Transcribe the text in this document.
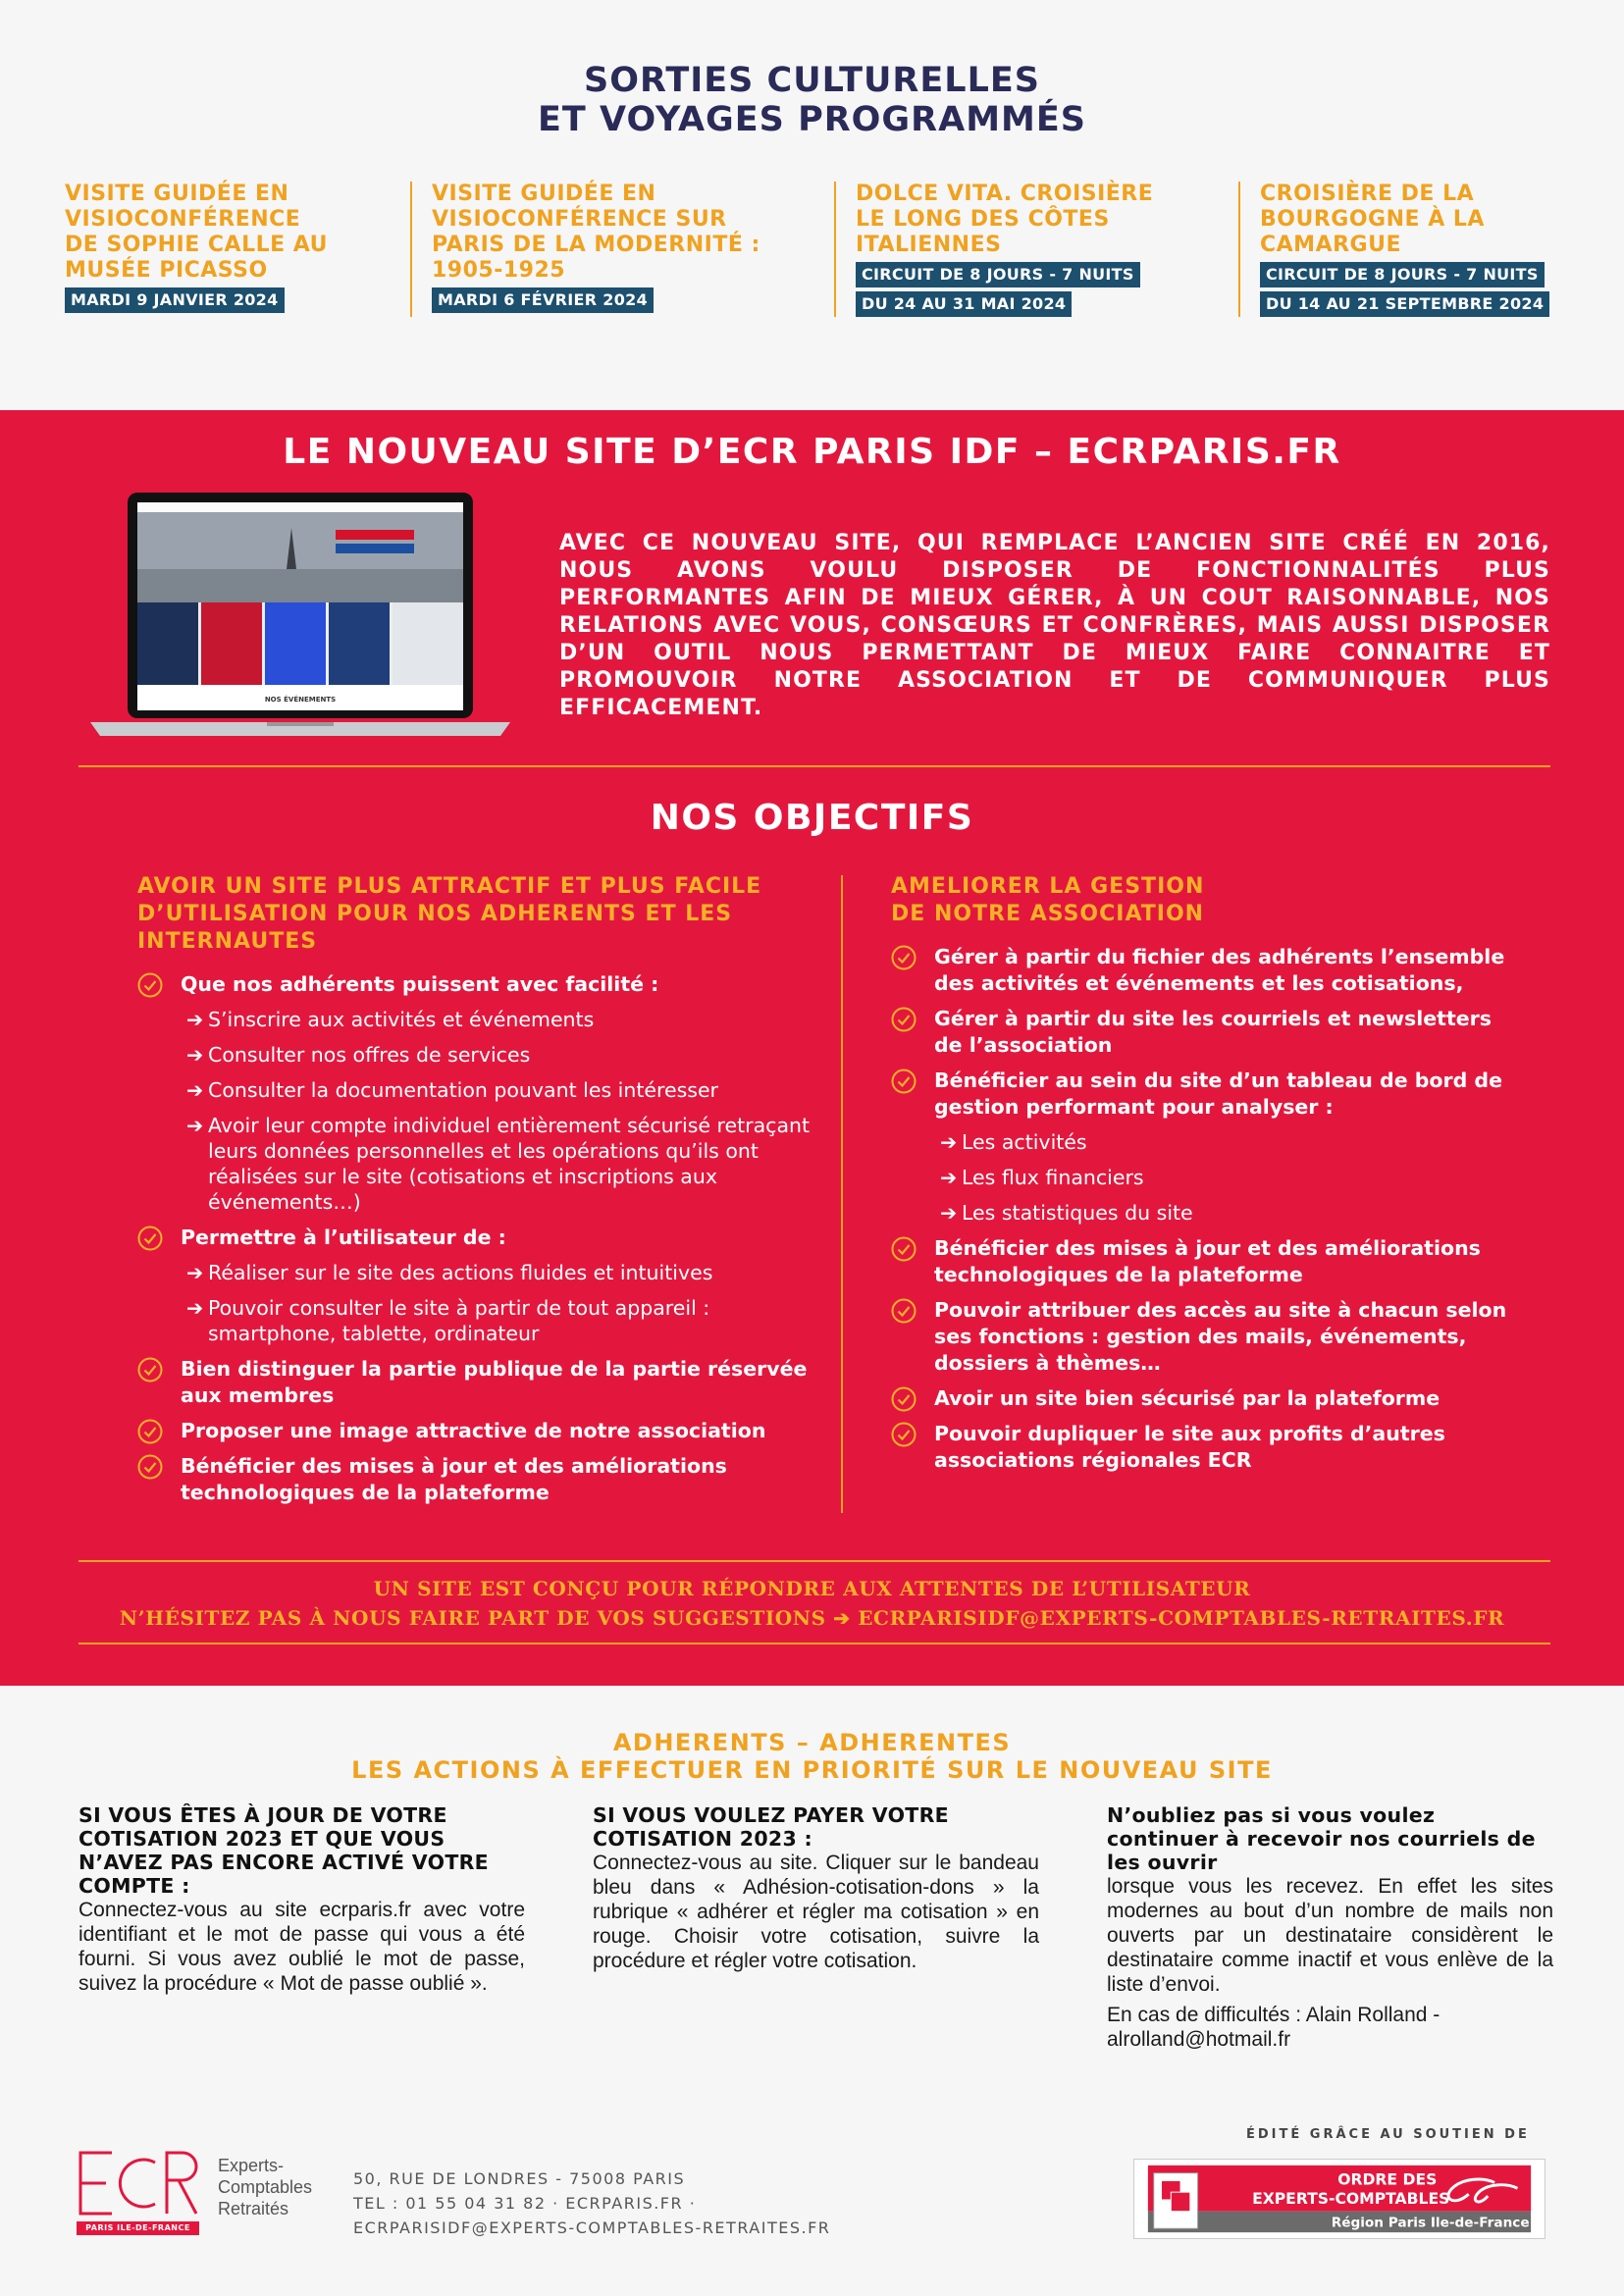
SORTIES CULTURELLES
ET VOYAGES PROGRAMMÉS
VISITE GUIDÉE EN
VISIOCONFÉRENCE
DE SOPHIE CALLE AU
MUSÉE PICASSO
MARDI 9 JANVIER 2024
VISITE GUIDÉE EN
VISIOCONFÉRENCE SUR
PARIS DE LA MODERNITÉ :
1905-1925
MARDI 6 FÉVRIER 2024
DOLCE VITA. CROISIÈRE
LE LONG DES CÔTES
ITALIENNES
CIRCUIT DE 8 JOURS - 7 NUITS
DU 24 AU 31 MAI 2024
CROISIÈRE DE LA
BOURGOGNE À LA
CAMARGUE
CIRCUIT DE 8 JOURS - 7 NUITS
DU 14 AU 21 SEPTEMBRE 2024
LE NOUVEAU SITE D’ECR PARIS IDF – ECRPARIS.FR
NOS ÉVÉNEMENTS

AVEC CE NOUVEAU SITE, QUI REMPLACE L’ANCIEN SITE CRÉÉ EN 2016, NOUS AVONS VOULU DISPOSER DE FONCTIONNALITÉS PLUS PERFORMANTES AFIN DE MIEUX GÉRER, À UN COUT RAISONNABLE, NOS RELATIONS AVEC VOUS, CONSŒURS ET CONFRÈRES, MAIS AUSSI DISPOSER D’UN OUTIL NOUS PERMETTANT DE MIEUX FAIRE CONNAITRE ET PROMOUVOIR NOTRE ASSOCIATION ET DE COMMUNIQUER PLUS EFFICACEMENT.

NOS OBJECTIFS
AVOIR UN SITE PLUS ATTRACTIF ET PLUS FACILE
D’UTILISATION POUR NOS ADHERENTS ET LES
INTERNAUTES
Que nos adhérents puissent avec facilité :
➔ S’inscrire aux activités et événements
➔ Consulter nos offres de services
➔ Consulter la documentation pouvant les intéresser
➔ Avoir leur compte individuel entièrement sécurisé retraçant leurs données personnelles et les opérations qu’ils ont réalisées sur le site (cotisations et inscriptions aux événements…)
Permettre à l’utilisateur de :
➔ Réaliser sur le site des actions fluides et intuitives
➔ Pouvoir consulter le site à partir de tout appareil : smartphone, tablette, ordinateur
Bien distinguer la partie publique de la partie réservée aux membres
Proposer une image attractive de notre association
Bénéficier des mises à jour et des améliorations technologiques de la plateforme
AMELIORER LA GESTION
DE NOTRE ASSOCIATION
Gérer à partir du fichier des adhérents l’ensemble des activités et événements et les cotisations,
Gérer à partir du site les courriels et newsletters de l’association
Bénéficier au sein du site d’un tableau de bord de gestion performant pour analyser :
➔ Les activités
➔ Les flux financiers
➔ Les statistiques du site
Bénéficier des mises à jour et des améliorations technologiques de la plateforme
Pouvoir attribuer des accès au site à chacun selon ses fonctions : gestion des mails, événements, dossiers à thèmes…
Avoir un site bien sécurisé par la plateforme
Pouvoir dupliquer le site aux profits d’autres associations régionales ECR
UN SITE EST CONÇU POUR RÉPONDRE AUX ATTENTES DE L’UTILISATEUR
N’HÉSITEZ PAS À NOUS FAIRE PART DE VOS SUGGESTIONS ➔ ECRPARISIDF@EXPERTS-COMPTABLES-RETRAITES.FR
ADHERENTS – ADHERENTES
LES ACTIONS À EFFECTUER EN PRIORITÉ SUR LE NOUVEAU SITE
SI VOUS ÊTES À JOUR DE VOTRE COTISATION 2023 ET QUE VOUS N’AVEZ PAS ENCORE ACTIVÉ VOTRE COMPTE :

Connectez-vous au site ecrparis.fr avec votre identifiant et le mot de passe qui vous a été fourni. Si vous avez oublié le mot de passe, suivez la procédure « Mot de passe oublié ».

SI VOUS VOULEZ PAYER VOTRE COTISATION 2023 :

Connectez-vous au site. Cliquer sur le bandeau bleu dans « Adhésion-cotisation-dons » la rubrique « adhérer et régler ma cotisation » en rouge. Choisir votre cotisation, suivre la procédure et régler votre cotisation.

N’oubliez pas si vous voulez continuer à recevoir nos courriels de les ouvrir

lorsque vous les recevez. En effet les sites modernes au bout d’un nombre de mails non ouverts par un destinataire considèrent le destinataire comme inactif et vous enlève de la liste d’envoi.

En cas de difficultés : Alain Rolland - alrolland@hotmail.fr

PARIS ILE-DE-FRANCE
Experts-
Comptables
Retraités
50, RUE DE LONDRES - 75008 PARIS
TEL : 01 55 04 31 82 · ECRPARIS.FR ·
ECRPARISIDF@EXPERTS-COMPTABLES-RETRAITES.FR
ÉDITÉ GRÂCE AU SOUTIEN DE
ORDRE DES
EXPERTS-COMPTABLES
Région Paris Ile-de-France
